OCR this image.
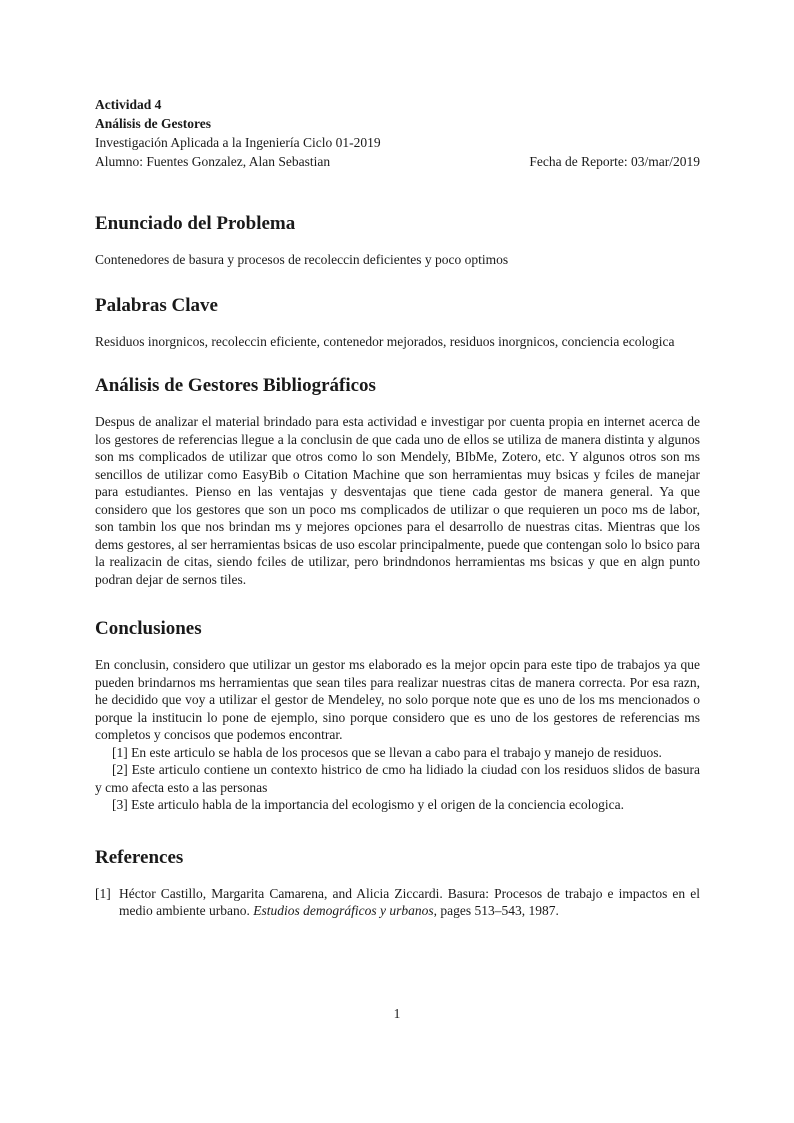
Actividad 4
Análisis de Gestores
Investigación Aplicada a la Ingeniería Ciclo 01-2019
Alumno: Fuentes Gonzalez, Alan Sebastian	Fecha de Reporte: 03/mar/2019
Enunciado del Problema

Contenedores de basura y procesos de recoleccin deficientes y poco optimos

Palabras Clave

Residuos inorgnicos, recoleccin eficiente, contenedor mejorados, residuos inorgnicos, conciencia ecologica

Análisis de Gestores Bibliográficos

Despus de analizar el material brindado para esta actividad e investigar por cuenta propia en internet acerca de los gestores de referencias llegue a la conclusin de que cada uno de ellos se utiliza de manera distinta y algunos son ms complicados de utilizar que otros como lo son Mendely, BIbMe, Zotero, etc. Y algunos otros son ms sencillos de utilizar como EasyBib o Citation Machine que son herramientas muy bsicas y fciles de manejar para estudiantes. Pienso en las ventajas y desventajas que tiene cada gestor de manera general. Ya que considero que los gestores que son un poco ms complicados de utilizar o que requieren un poco ms de labor, son tambin los que nos brindan ms y mejores opciones para el desarrollo de nuestras citas. Mientras que los dems gestores, al ser herramientas bsicas de uso escolar principalmente, puede que contengan solo lo bsico para la realizacin de citas, siendo fciles de utilizar, pero brindndonos herramientas ms bsicas y que en algn punto podran dejar de sernos tiles.

Conclusiones

En conclusin, considero que utilizar un gestor ms elaborado es la mejor opcin para este tipo de trabajos ya que pueden brindarnos ms herramientas que sean tiles para realizar nuestras citas de manera correcta. Por esa razn, he decidido que voy a utilizar el gestor de Mendeley, no solo porque note que es uno de los ms mencionados o porque la institucin lo pone de ejemplo, sino porque considero que es uno de los gestores de referencias ms completos y concisos que podemos encontrar.

[1] En este articulo se habla de los procesos que se llevan a cabo para el trabajo y manejo de residuos.

[2] Este articulo contiene un contexto histrico de cmo ha lidiado la ciudad con los residuos slidos de basura y cmo afecta esto a las personas

[3] Este articulo habla de la importancia del ecologismo y el origen de la conciencia ecologica.

References
[1] Héctor Castillo, Margarita Camarena, and Alicia Ziccardi. Basura: Procesos de trabajo e impactos en el medio ambiente urbano. Estudios demográficos y urbanos, pages 513–543, 1987.
1
